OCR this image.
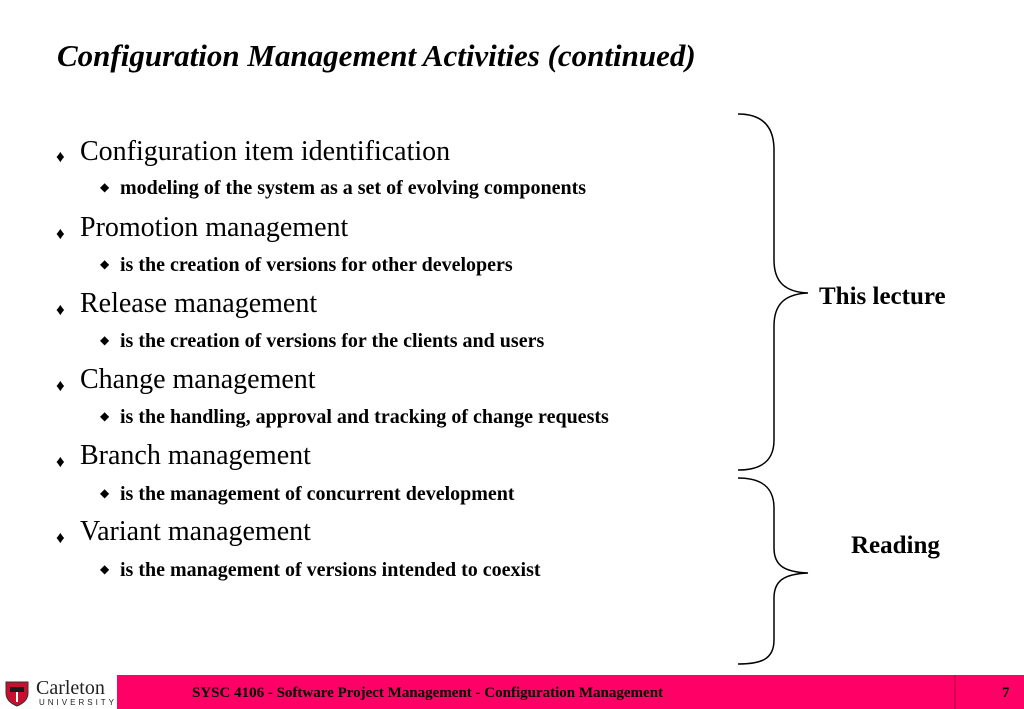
Configuration Management Activities (continued)
♦ Configuration item identification
◆ modeling of the system as a set of evolving components
♦ Promotion management
◆ is the creation of versions for other developers
♦ Release management
◆ is the creation of versions for the clients and users
♦ Change management
◆ is the handling, approval and tracking of change requests
♦ Branch management
◆ is the management of concurrent development
♦ Variant management
◆ is the management of versions intended to coexist
This lecture
Reading
Carleton
UNIVERSITY
SYSC 4106 - Software Project Management - Configuration Management	7
